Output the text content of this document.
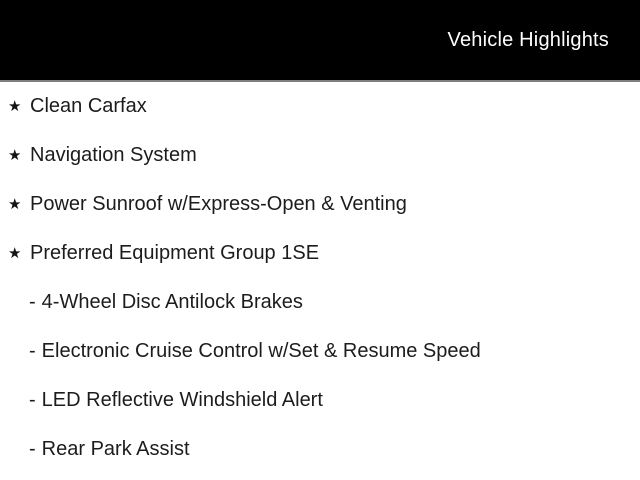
Vehicle Highlights
★ Clean Carfax
★ Navigation System
★ Power Sunroof w/Express-Open & Venting
★ Preferred Equipment Group 1SE
- 4-Wheel Disc Antilock Brakes
- Electronic Cruise Control w/Set & Resume Speed
- LED Reflective Windshield Alert
- Rear Park Assist
